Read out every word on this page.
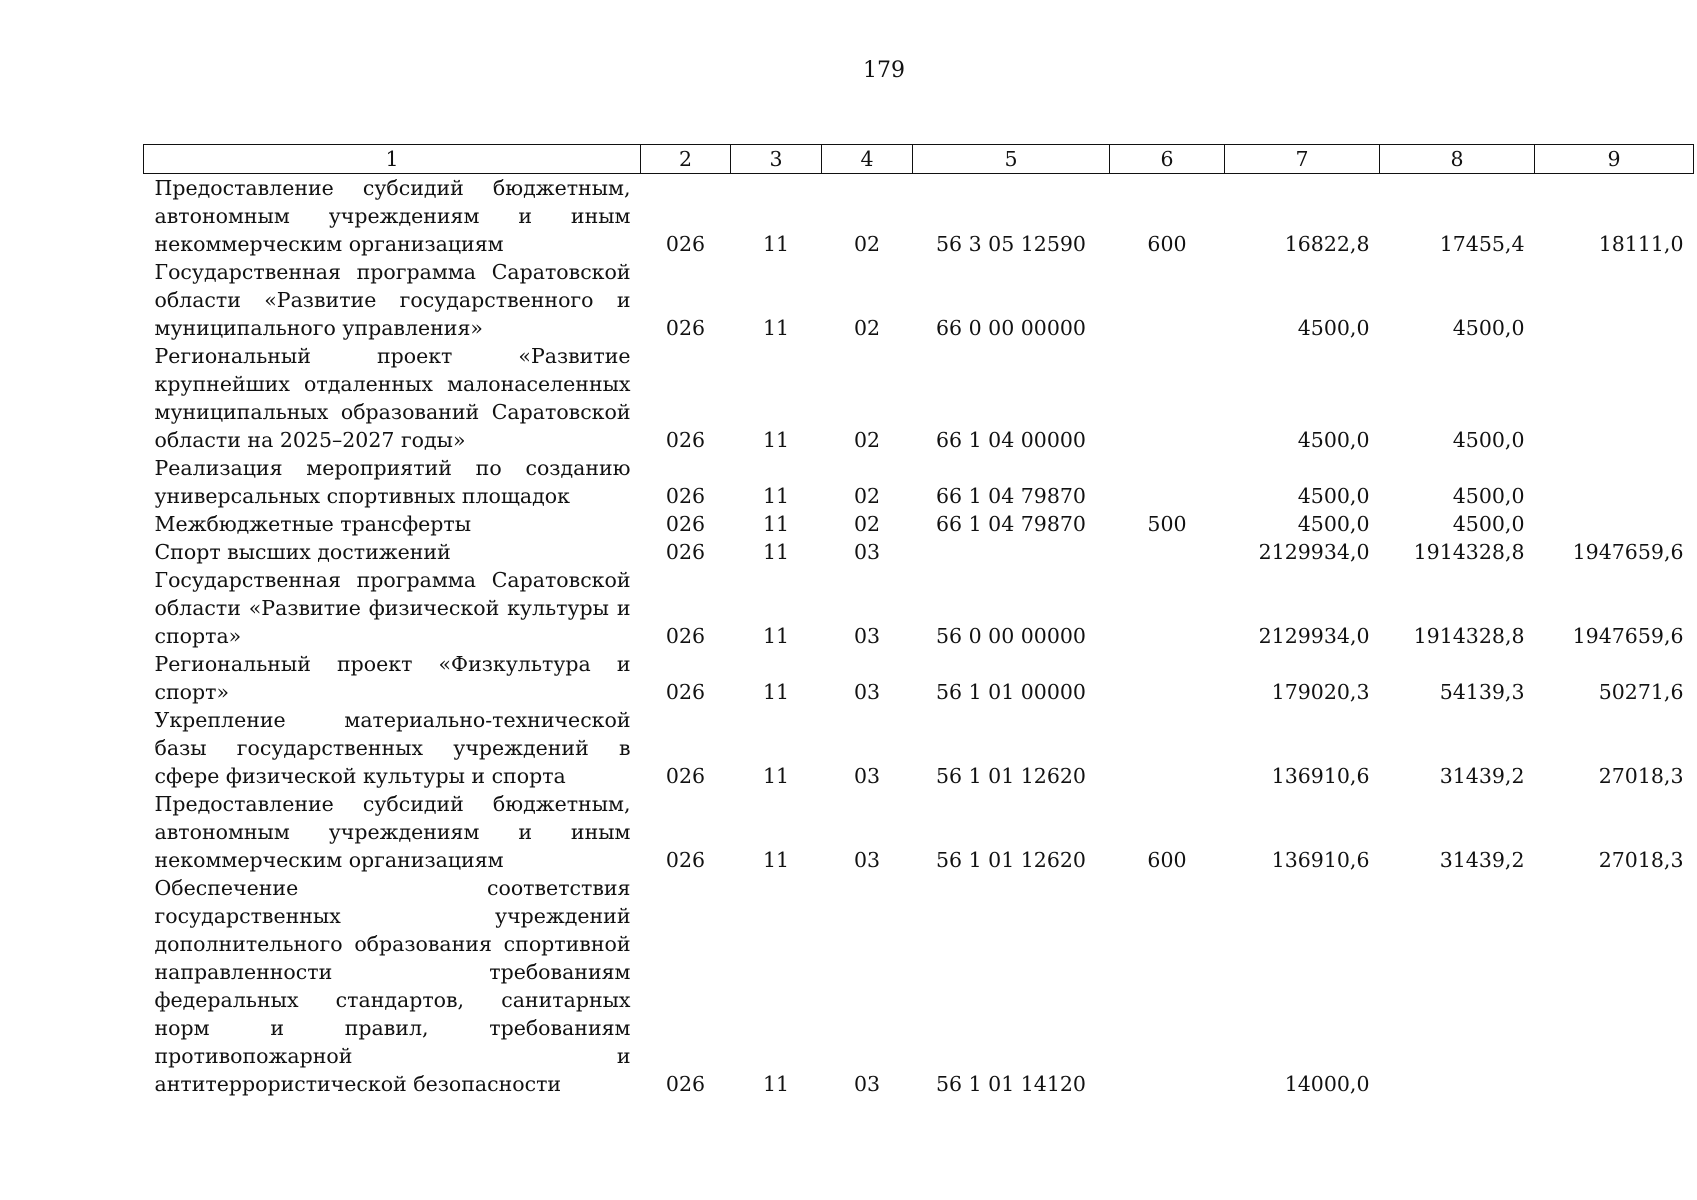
179
1	2	3	4	5	6	7	8	9
Предоставление субсидий бюджетным, автономным учреждениям и иным некоммерческим организациям	026	11	02	56 3 05 12590	600	16822,8	17455,4	18111,0
Государственная программа Саратовской области «Развитие государственного и муниципального управления»	026	11	02	66 0 00 00000		4500,0	4500,0	
Региональный проект «Развитие крупнейших отдаленных малонаселенных муниципальных образований Саратовской области на 2025–2027 годы»	026	11	02	66 1 04 00000		4500,0	4500,0	
Реализация мероприятий по созданию универсальных спортивных площадок	026	11	02	66 1 04 79870		4500,0	4500,0	
Межбюджетные трансферты	026	11	02	66 1 04 79870	500	4500,0	4500,0	
Спорт высших достижений	026	11	03			2129934,0	1914328,8	1947659,6
Государственная программа Саратовской области «Развитие физической культуры и спорта»	026	11	03	56 0 00 00000		2129934,0	1914328,8	1947659,6
Региональный проект «Физкультура и спорт»	026	11	03	56 1 01 00000		179020,3	54139,3	50271,6
Укрепление материально-технической базы государственных учреждений в сфере физической культуры и спорта	026	11	03	56 1 01 12620		136910,6	31439,2	27018,3
Предоставление субсидий бюджетным, автономным учреждениям и иным некоммерческим организациям	026	11	03	56 1 01 12620	600	136910,6	31439,2	27018,3
Обеспечение соответствия государственных учреждений дополнительного образования спортивной направленности требованиям федеральных стандартов, санитарных норм и правил, требованиям противопожарной и антитеррористической безопасности	026	11	03	56 1 01 14120		14000,0		
